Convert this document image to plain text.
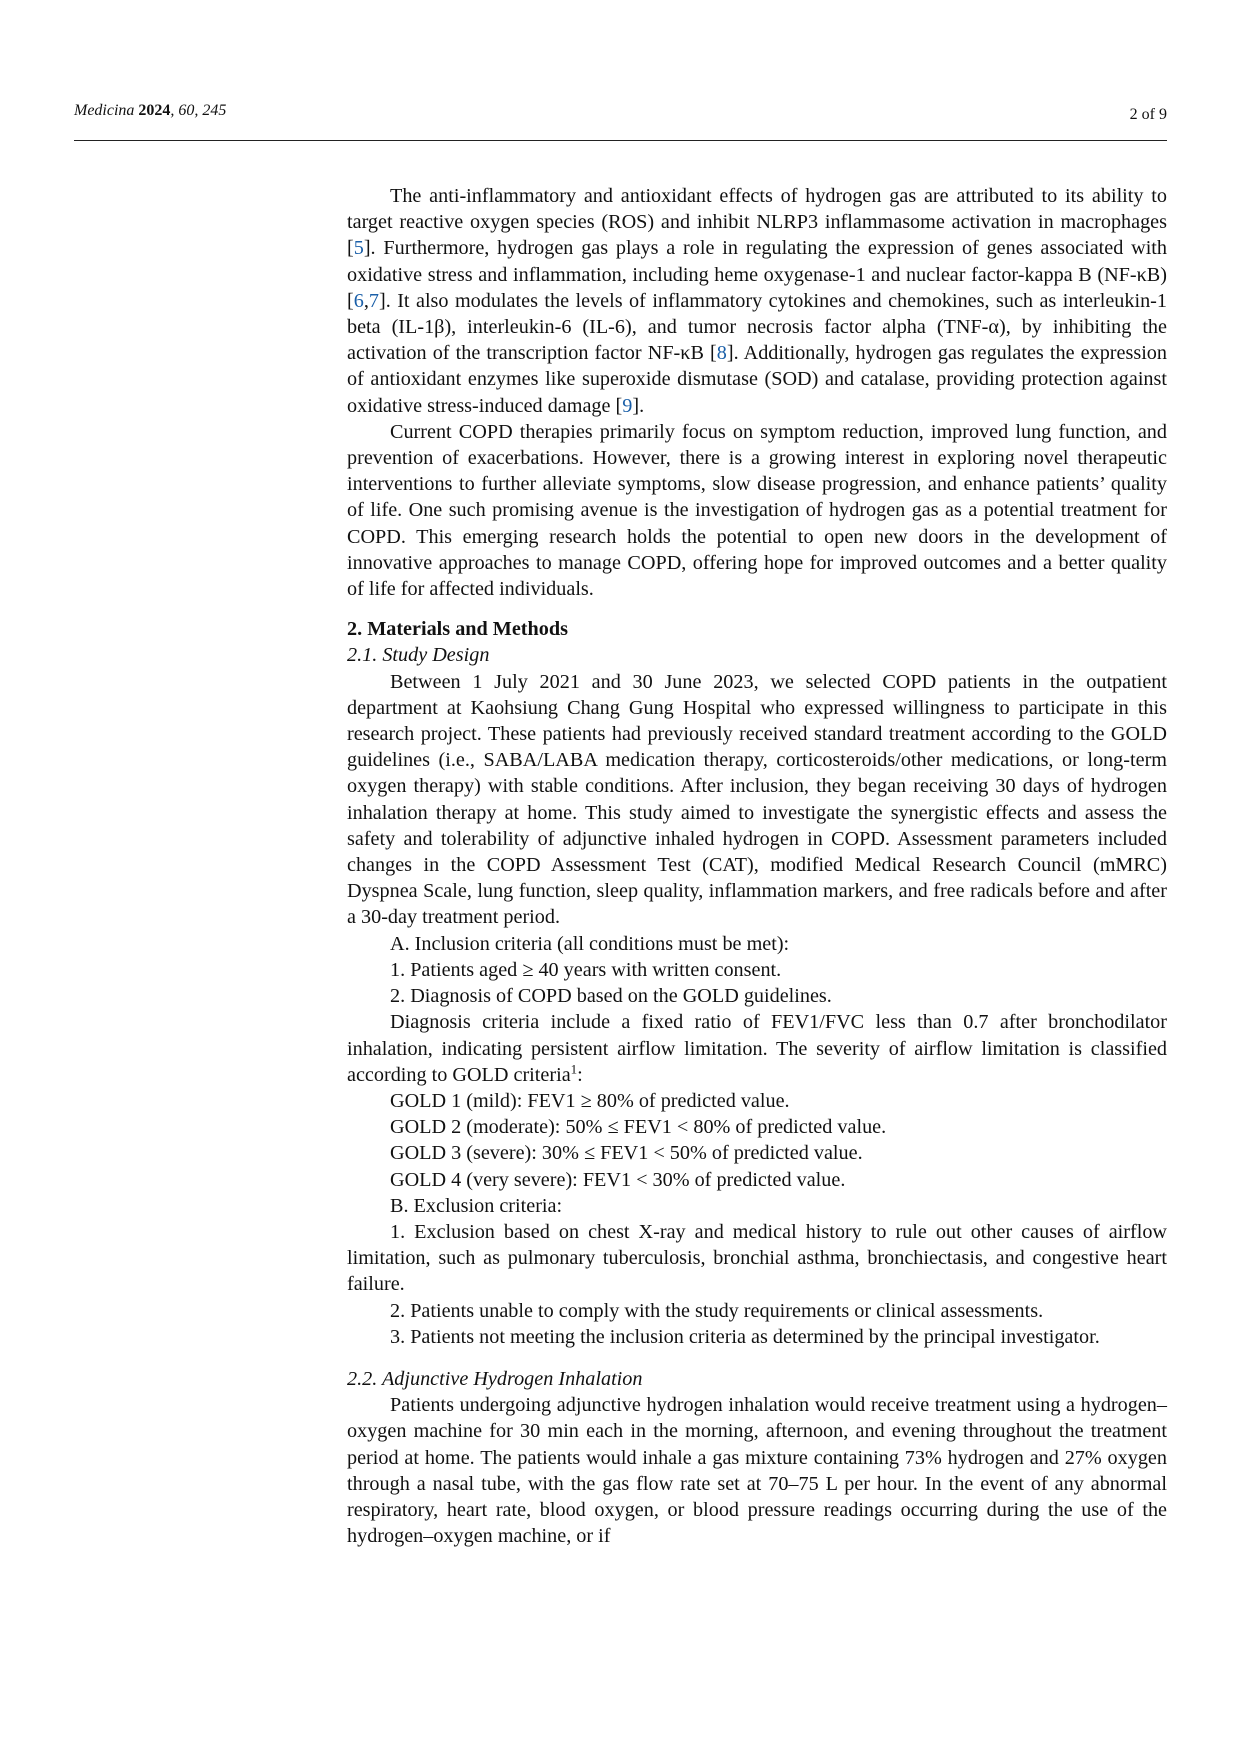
Medicina 2024, 60, 245	2 of 9

The anti-inflammatory and antioxidant effects of hydrogen gas are attributed to its ability to target reactive oxygen species (ROS) and inhibit NLRP3 inflammasome activation in macrophages [5]. Furthermore, hydrogen gas plays a role in regulating the expression of genes associated with oxidative stress and inflammation, including heme oxygenase-1 and nuclear factor-kappa B (NF-κB) [6,7]. It also modulates the levels of inflammatory cytokines and chemokines, such as interleukin-1 beta (IL-1β), interleukin-6 (IL-6), and tumor necrosis factor alpha (TNF-α), by inhibiting the activation of the transcription factor NF-κB [8]. Additionally, hydrogen gas regulates the expression of antioxidant enzymes like superoxide dismutase (SOD) and catalase, providing protection against oxidative stress-induced damage [9].

Current COPD therapies primarily focus on symptom reduction, improved lung function, and prevention of exacerbations. However, there is a growing interest in exploring novel therapeutic interventions to further alleviate symptoms, slow disease progression, and enhance patients’ quality of life. One such promising avenue is the investigation of hydrogen gas as a potential treatment for COPD. This emerging research holds the potential to open new doors in the development of innovative approaches to manage COPD, offering hope for improved outcomes and a better quality of life for affected individuals.

2. Materials and Methods

2.1. Study Design

Between 1 July 2021 and 30 June 2023, we selected COPD patients in the outpatient department at Kaohsiung Chang Gung Hospital who expressed willingness to participate in this research project. These patients had previously received standard treatment according to the GOLD guidelines (i.e., SABA/LABA medication therapy, corticosteroids/other medications, or long-term oxygen therapy) with stable conditions. After inclusion, they began receiving 30 days of hydrogen inhalation therapy at home. This study aimed to investigate the synergistic effects and assess the safety and tolerability of adjunctive inhaled hydrogen in COPD. Assessment parameters included changes in the COPD Assessment Test (CAT), modified Medical Research Council (mMRC) Dyspnea Scale, lung function, sleep quality, inflammation markers, and free radicals before and after a 30-day treatment period.

A. Inclusion criteria (all conditions must be met):

1. Patients aged ≥ 40 years with written consent.

2. Diagnosis of COPD based on the GOLD guidelines.

Diagnosis criteria include a fixed ratio of FEV1/FVC less than 0.7 after bronchodilator inhalation, indicating persistent airflow limitation. The severity of airflow limitation is classified according to GOLD criteria$^1$:

GOLD 1 (mild): FEV1 ≥ 80% of predicted value.

GOLD 2 (moderate): 50% ≤ FEV1 < 80% of predicted value.

GOLD 3 (severe): 30% ≤ FEV1 < 50% of predicted value.

GOLD 4 (very severe): FEV1 < 30% of predicted value.

B. Exclusion criteria:

1. Exclusion based on chest X-ray and medical history to rule out other causes of airflow limitation, such as pulmonary tuberculosis, bronchial asthma, bronchiectasis, and congestive heart failure.

2. Patients unable to comply with the study requirements or clinical assessments.

3. Patients not meeting the inclusion criteria as determined by the principal investigator.

2.2. Adjunctive Hydrogen Inhalation

Patients undergoing adjunctive hydrogen inhalation would receive treatment using a hydrogen–oxygen machine for 30 min each in the morning, afternoon, and evening throughout the treatment period at home. The patients would inhale a gas mixture containing 73% hydrogen and 27% oxygen through a nasal tube, with the gas flow rate set at 70–75 L per hour. In the event of any abnormal respiratory, heart rate, blood oxygen, or blood pressure readings occurring during the use of the hydrogen–oxygen machine, or if
